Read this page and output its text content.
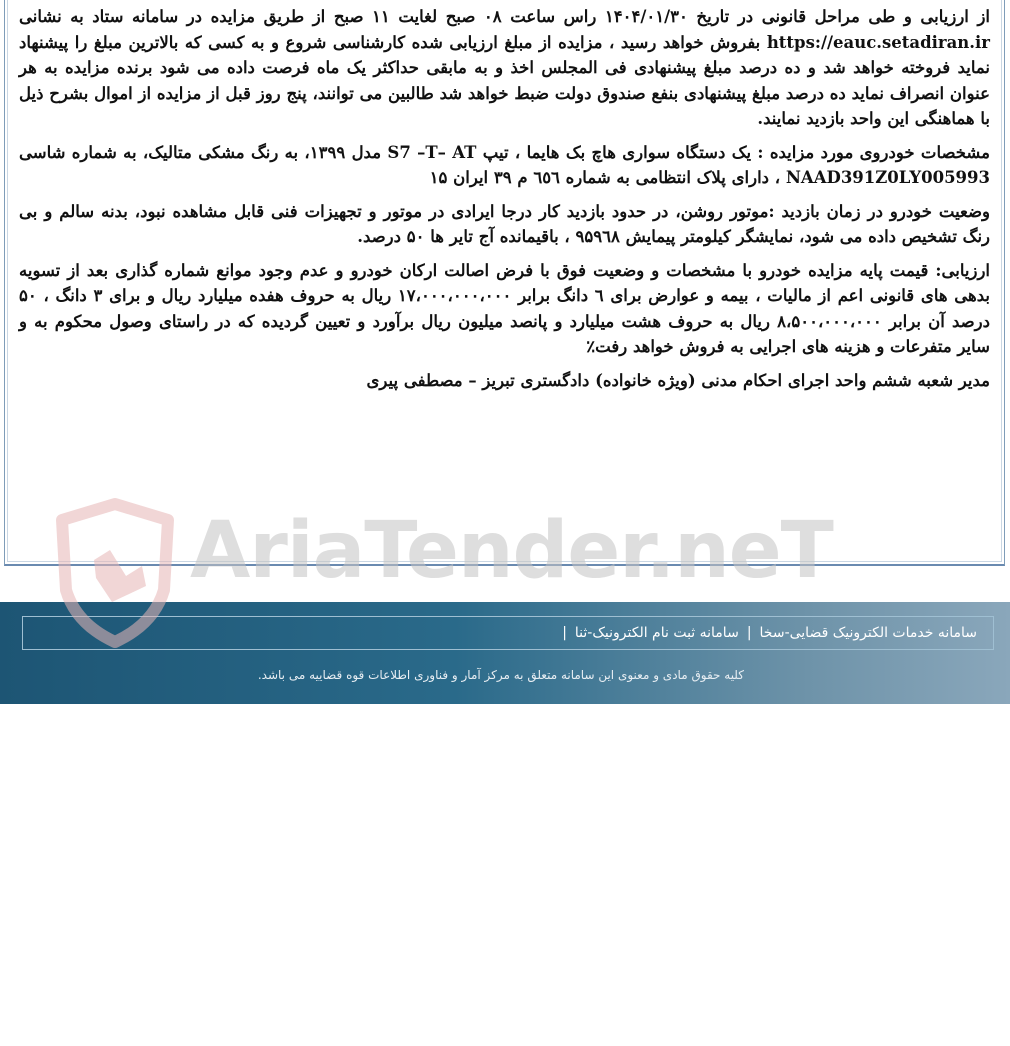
از ارزیابی و طی مراحل قانونی در تاریخ ۱۴۰۴/۰۱/۳۰ راس ساعت ۰۸ صبح لغایت ۱۱ صبح از طریق مزایده در سامانه ستاد به نشانی https://eauc.setadiran.ir بفروش خواهد رسید ، مزایده از مبلغ ارزیابی شده کارشناسی شروع و به کسی که بالاترین مبلغ را پیشنهاد نماید فروخته خواهد شد و ده درصد مبلغ پیشنهادی فی المجلس اخذ و به مابقی حداکثر یک ماه فرصت داده می شود برنده مزایده به هر عنوان انصراف نماید ده درصد مبلغ پیشنهادی بنفع صندوق دولت ضبط خواهد شد طالبین می توانند، پنج روز قبل از مزایده از اموال بشرح ذیل با هماهنگی این واحد بازدید نمایند.

مشخصات خودروی مورد مزایده : یک دستگاه سواری هاچ بک هایما ، تیپ S7 –T– AT مدل ۱۳۹۹، به رنگ مشکی متالیک، به شماره شاسی NAAD391Z0LY005993 ، دارای پلاک انتظامی به شماره ٦٥٦ م ۳۹ ایران ۱۵

وضعیت خودرو در زمان بازدید :موتور روشن، در حدود بازدید کار درجا ایرادی در موتور و تجهیزات فنی قابل مشاهده نبود، بدنه سالم و بی رنگ تشخیص داده می شود، نمایشگر کیلومتر پیمایش ۹۵۹٦۸ ، باقیمانده آج تایر ها ۵۰ درصد.

ارزیابی: قیمت پایه مزایده خودرو با مشخصات و وضعیت فوق با فرض اصالت ارکان خودرو و عدم وجود موانع شماره گذاری بعد از تسویه بدهی های قانونی اعم از مالیات ، بیمه و عوارض برای ٦ دانگ برابر ۱۷،۰۰۰،۰۰۰،۰۰۰ ریال به حروف هفده میلیارد ریال و برای ۳ دانگ ، ۵۰ درصد آن برابر ۸،۵۰۰،۰۰۰،۰۰۰ ریال به حروف هشت میلیارد و پانصد میلیون ریال برآورد و تعیین گردیده که در راستای وصول محکوم به و سایر متفرعات و هزینه های اجرایی به فروش خواهد رفت٪

مدیر شعبه ششم واحد اجرای احکام مدنی (ویژه خانواده) دادگستری تبریز – مصطفی پیری

AriaTender.neT
سامانه خدمات الکترونیک قضایی-سخا
|
سامانه ثبت نام الکترونیک-ثنا
|
کلیه حقوق مادی و معنوی این سامانه متعلق به مرکز آمار و فناوری اطلاعات قوه قضاییه می باشد.
